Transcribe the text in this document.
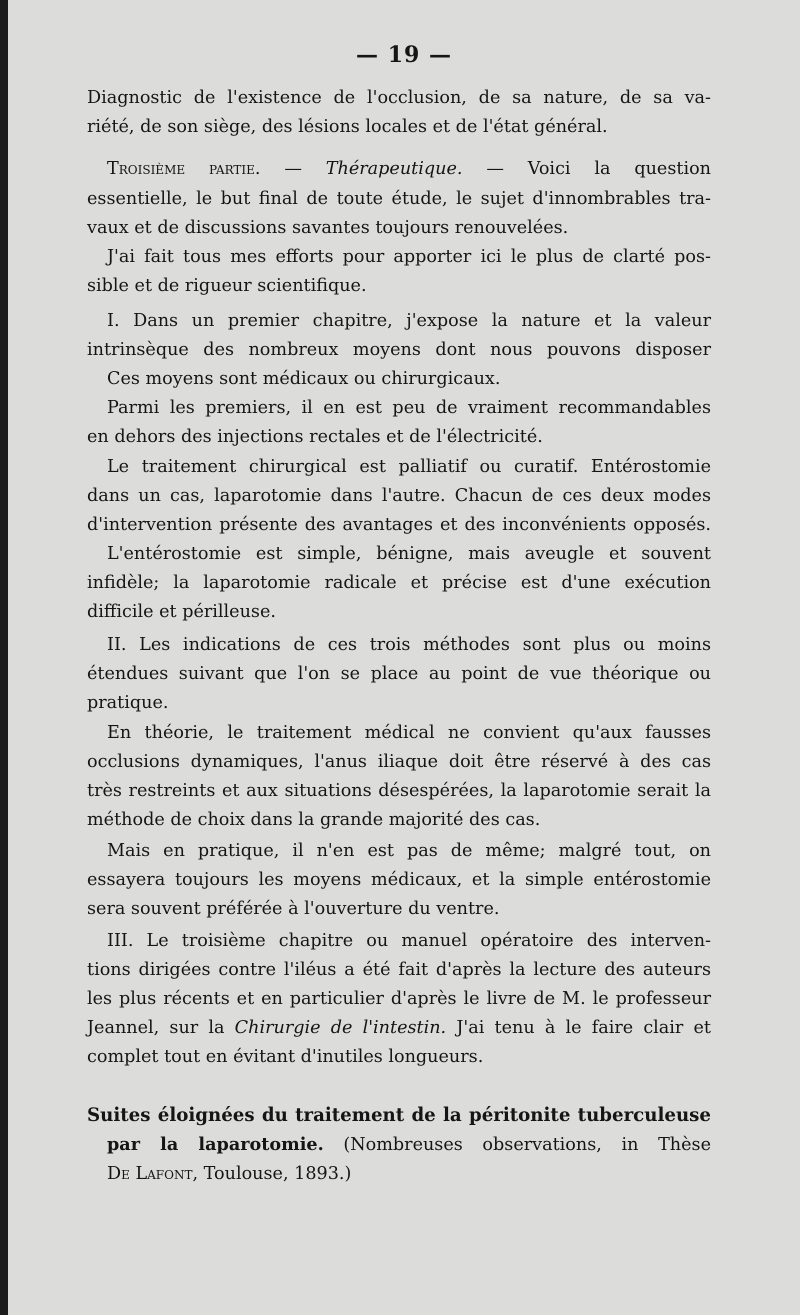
— 19 —
Diagnostic de l'existence de l'occlusion, de sa nature, de sa va-
riété, de son siège, des lésions locales et de l'état général.
Troisième partie. — Thérapeutique. — Voici la question
essentielle, le but final de toute étude, le sujet d'innombrables tra-
vaux et de discussions savantes toujours renouvelées.
J'ai fait tous mes efforts pour apporter ici le plus de clarté pos-
sible et de rigueur scientifique.
I. Dans un premier chapitre, j'expose la nature et la valeur
intrinsèque des nombreux moyens dont nous pouvons disposer
Ces moyens sont médicaux ou chirurgicaux.
Parmi les premiers, il en est peu de vraiment recommandables
en dehors des injections rectales et de l'électricité.
Le traitement chirurgical est palliatif ou curatif. Entérostomie
dans un cas, laparotomie dans l'autre. Chacun de ces deux modes
d'intervention présente des avantages et des inconvénients opposés.
L'entérostomie est simple, bénigne, mais aveugle et souvent
infidèle; la laparotomie radicale et précise est d'une exécution
difficile et périlleuse.
II. Les indications de ces trois méthodes sont plus ou moins
étendues suivant que l'on se place au point de vue théorique ou
pratique.
En théorie, le traitement médical ne convient qu'aux fausses
occlusions dynamiques, l'anus iliaque doit être réservé à des cas
très restreints et aux situations désespérées, la laparotomie serait la
méthode de choix dans la grande majorité des cas.
Mais en pratique, il n'en est pas de même; malgré tout, on
essayera toujours les moyens médicaux, et la simple entérostomie
sera souvent préférée à l'ouverture du ventre.
III. Le troisième chapitre ou manuel opératoire des interven-
tions dirigées contre l'iléus a été fait d'après la lecture des auteurs
les plus récents et en particulier d'après le livre de M. le professeur
Jeannel, sur la Chirurgie de l'intestin. J'ai tenu à le faire clair et
complet tout en évitant d'inutiles longueurs.
Suites éloignées du traitement de la péritonite tuberculeuse
par la laparotomie. (Nombreuses observations, in Thèse
De Lafont, Toulouse, 1893.)
